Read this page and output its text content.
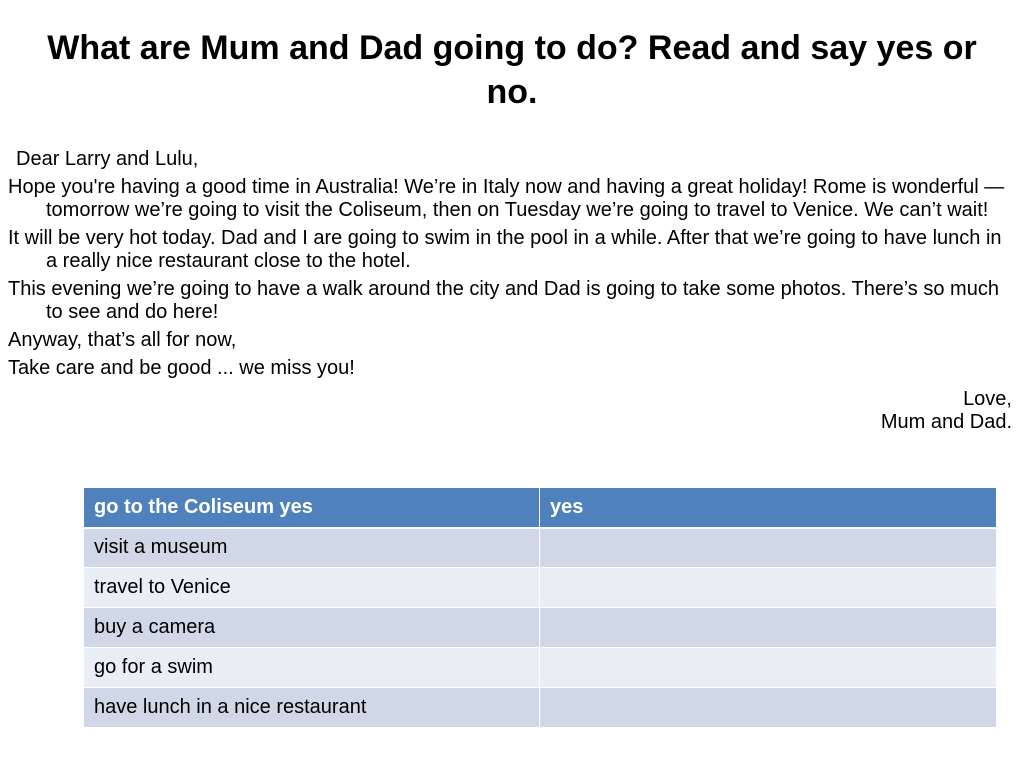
What are Mum and Dad going to do? Read and say yes or no.

Dear Larry and Lulu,

Hope you're having a good time in Australia! We’re in Italy now and having a great holiday! Rome is wonderful — tomorrow we’re going to visit the Coliseum, then on Tuesday we’re going to travel to Venice. We can’t wait!

It will be very hot today. Dad and I are going to swim in the pool in a while. After that we’re going to have lunch in a really nice restaurant close to the hotel.

This evening we’re going to have a walk around the city and Dad is going to take some photos. There’s so much to see and do here!

Anyway, that’s all for now,

Take care and be good ... we miss you!

Love,

Mum and Dad.

go to the Coliseum yes	yes
visit a museum	
travel to Venice	
buy a camera	
go for a swim	
have lunch in a nice restaurant	
